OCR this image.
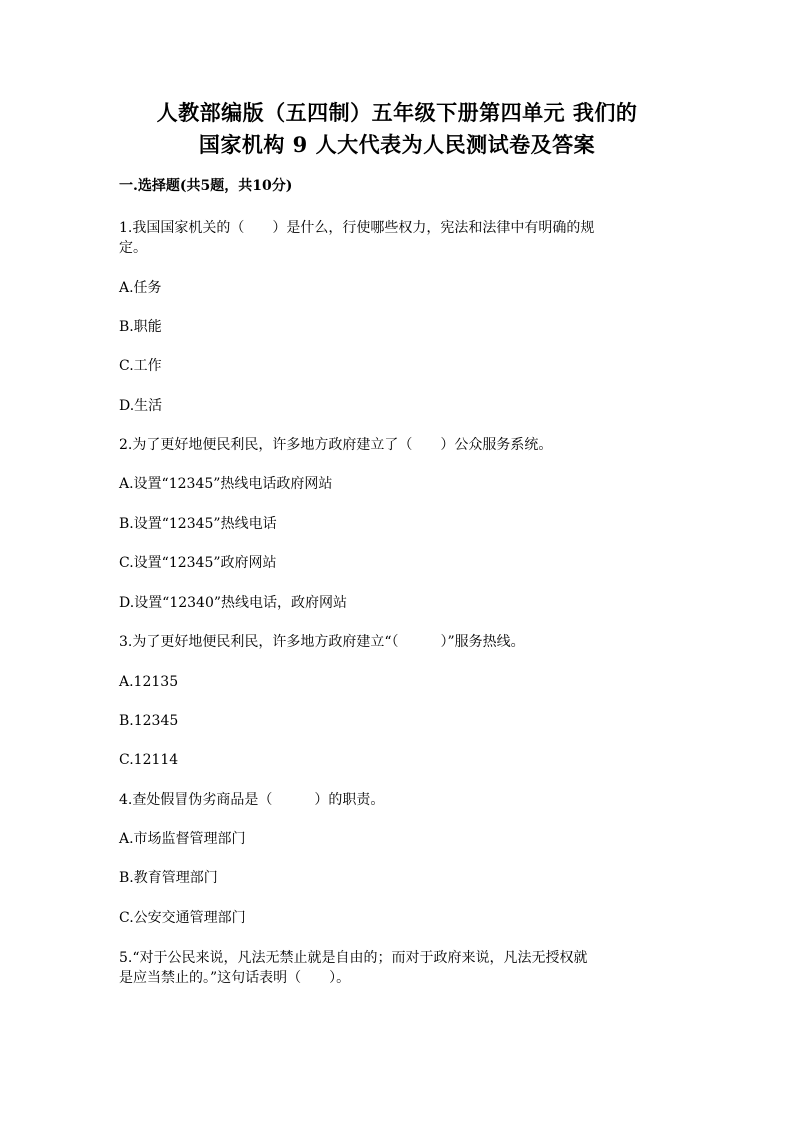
人教部编版（五四制）五年级下册第四单元 我们的
国家机构 9 人大代表为人民测试卷及答案
一.选择题(共5题，共10分)
1.我国国家机关的（　　）是什么，行使哪些权力，宪法和法律中有明确的规
定。
A.任务
B.职能
C.工作
D.生活
2.为了更好地便民利民，许多地方政府建立了（　　）公众服务系统。
A.设置“12345”热线电话政府网站
B.设置“12345”热线电话
C.设置“12345”政府网站
D.设置“12340”热线电话，政府网站
3.为了更好地便民利民，许多地方政府建立“（　　　）”服务热线。
A.12135
B.12345
C.12114
4.查处假冒伪劣商品是（　　　）的职责。
A.市场监督管理部门
B.教育管理部门
C.公安交通管理部门
5.“对于公民来说，凡法无禁止就是自由的；而对于政府来说，凡法无授权就
是应当禁止的。”这句话表明（　　）。
